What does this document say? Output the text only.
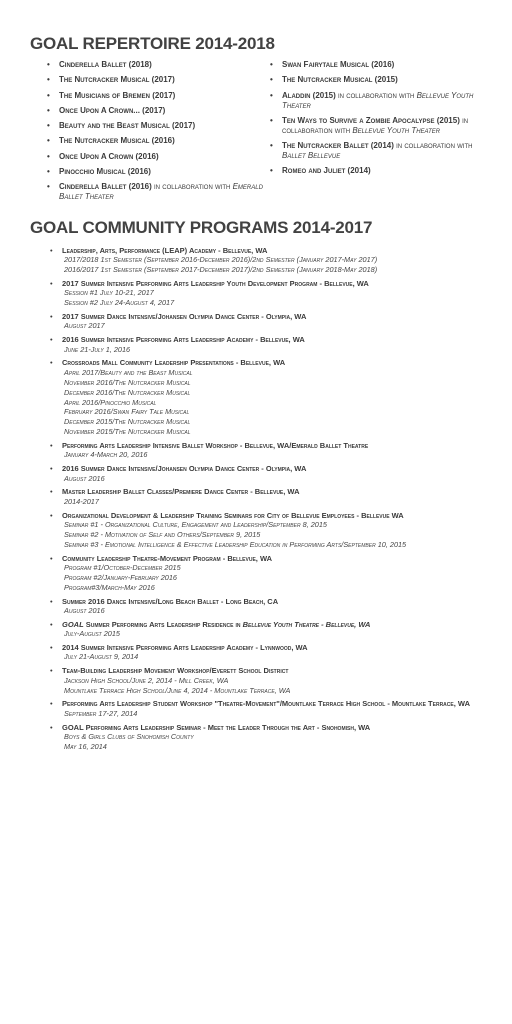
GOAL REPERTOIRE 2014-2018
• Cinderella Ballet (2018)
• The Nutcracker Musical (2017)
• The Musicians of Bremen (2017)
• Once Upon A Crown... (2017)
• Beauty and the Beast Musical (2017)
• The Nutcracker Musical (2016)
• Once Upon A Crown (2016)
• Pinocchio Musical (2016)
• Cinderella Ballet (2016) in collaboration with Emerald Ballet Theater
• Swan Fairytale Musical (2016)
• The Nutcracker Musical (2015)
• Aladdin (2015) in collaboration with Bellevue Youth Theater
• Ten Ways to Survive a Zombie Apocalypse (2015) in collaboration with Bellevue Youth Theater
• The Nutcracker Ballet (2014) in collaboration with Ballet Bellevue
• Romeo and Juliet (2014)
GOAL COMMUNITY PROGRAMS 2014-2017
• Leadership, Arts, Performance (LEAP) Academy - Bellevue, WA
2017/2018 1st Semester (September 2016-December 2016)/2nd Semester (January 2017-May 2017)
2016/2017 1st Semester (September 2017-December 2017)/2nd Semester (January 2018-May 2018)
• 2017 Summer Intensive Performing Arts Leadership Youth Development Program - Bellevue, WA
Session #1 July 10-21, 2017
Session #2 July 24-August 4, 2017
• 2017 Summer Dance Intensive/Johansen Olympia Dance Center - Olympia, WA
August 2017
• 2016 Summer Intensive Performing Arts Leadership Academy - Bellevue, WA
June 21-July 1, 2016
• Crossroads Mall Community Leadership Presentations - Bellevue, WA
April 2017/Beauty and the Beast Musical
November 2016/The Nutcracker Musical
December 2016/The Nutcracker Musical
April 2016/Pinocchio Musical
February 2016/Swan Fairy Tale Musical
December 2015/The Nutcracker Musical
November 2015/The Nutcracker Musical
• Performing Arts Leadership Intensive Ballet Workshop - Bellevue, WA/Emerald Ballet Theatre
January 4-March 20, 2016
• 2016 Summer Dance Intensive/Johansen Olympia Dance Center - Olympia, WA
August 2016
• Master Leadership Ballet Classes/Premiere Dance Center - Bellevue, WA
2014-2017
• Organizational Development & Leadership Training Seminars for City of Bellevue Employees - Bellevue WA
Seminar #1 - Organizational Culture, Engagement and Leadership/September 8, 2015
Seminar #2 - Motivation of Self and Others/September 9, 2015
Seminar #3 - Emotional Intelligence & Effective Leadership Education in Performing Arts/September 10, 2015
• Community Leadership Theatre-Movement Program - Bellevue, WA
Program #1/October-December 2015
Program #2/January-February 2016
Program#3/March-May 2016
• Summer 2016 Dance Intensive/Long Beach Ballet - Long Beach, CA
August 2016
• GOAL Summer Performing Arts Leadership Residence in Bellevue Youth Theatre - Bellevue, WA
July-August 2015
• 2014 Summer Intensive Performing Arts Leadership Academy - Lynnwood, WA
July 21-August 9, 2014
• Team-Building Leadership Movement Workshop/Everett School District
Jackson High School/June 2, 2014 - Mill Creek, WA
Mountlake Terrace High School/June 4, 2014 - Mountlake Terrace, WA
• Performing Arts Leadership Student Workshop "Theatre-Movement"/Mountlake Terrace High School - Mountlake Terrace, WA
September 17-27, 2014
• GOAL Performing Arts Leadership Seminar - Meet the Leader Through the Art - Snohomish, WA
Boys & Girls Clubs of Snohomish County
May 16, 2014
